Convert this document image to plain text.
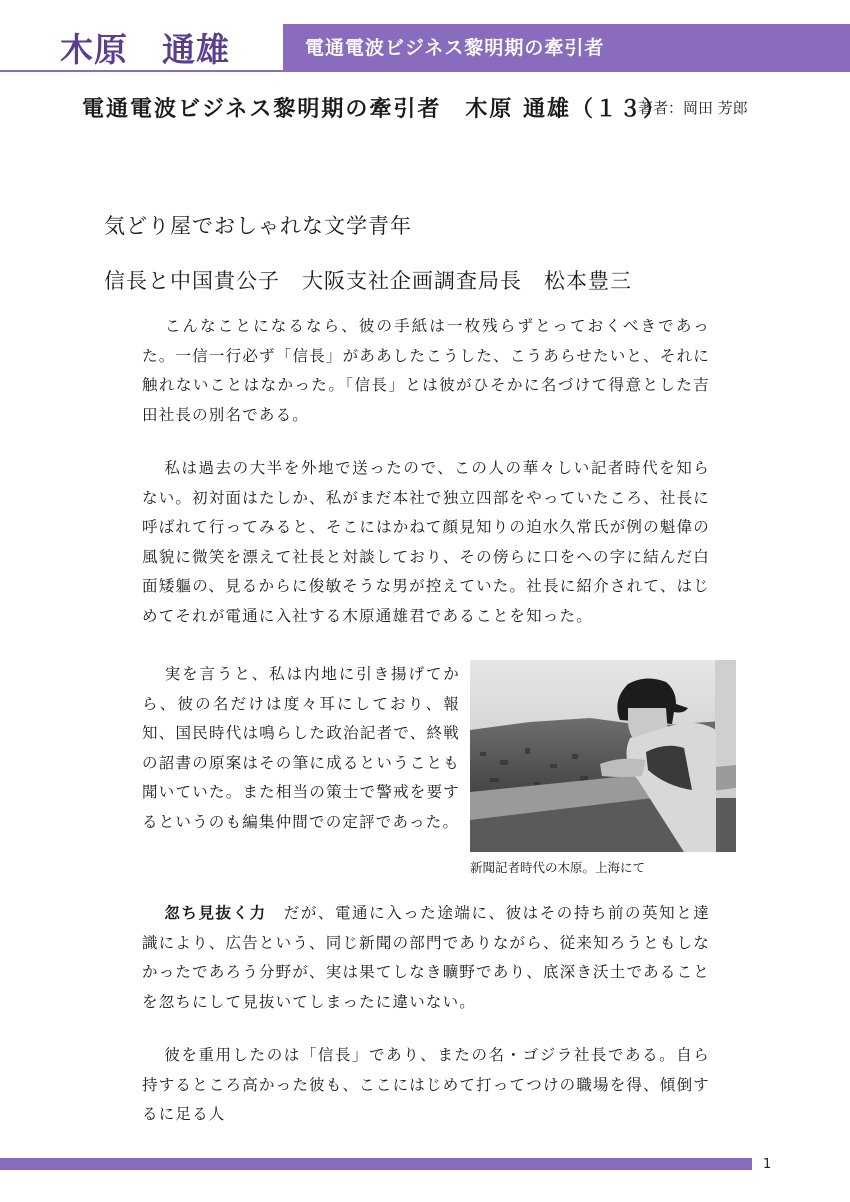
木原　通雄	電通電波ビジネス黎明期の牽引者
電通電波ビジネス黎明期の牽引者　木原 通雄（１３）
著者：岡田 芳郎
気どり屋でおしゃれな文学青年
信長と中国貴公子　大阪支社企画調査局長　松本豊三

こんなことになるなら、彼の手紙は一枚残らずとっておくべきであった。一信一行必ず「信長」がああしたこうした、こうあらせたいと、それに触れないことはなかった。「信長」とは彼がひそかに名づけて得意とした吉田社長の別名である。

私は過去の大半を外地で送ったので、この人の華々しい記者時代を知らない。初対面はたしか、私がまだ本社で独立四部をやっていたころ、社長に呼ばれて行ってみると、そこにはかねて顔見知りの迫水久常氏が例の魁偉の風貌に微笑を漂えて社長と対談しており、その傍らに口をへの字に結んだ白面矮軀の、見るからに俊敏そうな男が控えていた。社長に紹介されて、はじめてそれが電通に入社する木原通雄君であることを知った。

実を言うと、私は内地に引き揚げてから、彼の名だけは度々耳にしており、報知、国民時代は鳴らした政治記者で、終戦の詔書の原案はその筆に成るということも聞いていた。また相当の策士で警戒を要するというのも編集仲間での定評であった。

新聞記者時代の木原。上海にて

忽ち見抜く力　だが、電通に入った途端に、彼はその持ち前の英知と達識により、広告という、同じ新聞の部門でありながら、従来知ろうともしなかったであろう分野が、実は果てしなき曠野であり、底深き沃土であることを忽ちにして見抜いてしまったに違いない。

彼を重用したのは「信長」であり、またの名・ゴジラ社長である。自ら持するところ高かった彼も、ここにはじめて打ってつけの職場を得、傾倒するに足る人

1
